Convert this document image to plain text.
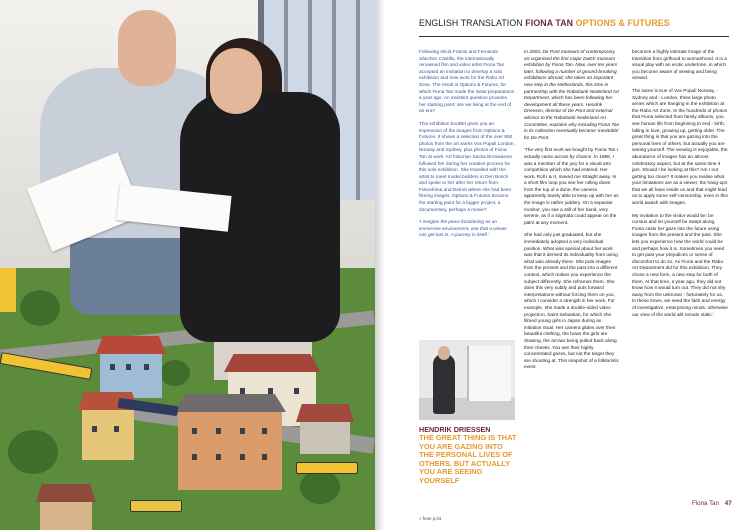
ENGLISH TRANSLATION FIONA TAN OPTIONS & FUTURES

Following Alicia Framis and Fernando Sánchez Castillo, the internationally renowned film and video artist Fiona Tan accepted an invitation to develop a solo exhibition and new work for the Rabo Art Zone. The result is Options & Futures, for which Fiona Tan made the initial preparations a year ago. An insistent question provides her starting point: are we living at the end of an era?

This exhibition booklet gives you an impression of the images from Options & Futures. It shows a selection of the over 900 photos from the art works Vox Populi London, Norway and Sydney, plus photos of Fiona Tan at work. Art historian Sacha Bronwasser followed her during her creative process for this solo exhibition. She travelled with the artist to meet model builders in Den Bosch and spoke to her after her return from Fukushima and Detroit where she had been filming images. Options & Futures became the starting point for a bigger project, a documentary, perhaps a movie?

'I imagine the piece functioning as an immersive environment, one that a viewer can get lost in. A journey in itself.'

In 2003, De Pont museum of contemporary art organised the first major Dutch museum exhibition by Fiona Tan. Now, over ten years later, following a number of ground-breaking exhibitions abroad, she takes an important new step in the Netherlands, this time in partnership with the Rabobank Nederland Art Department, which has been following her development all these years. Hendrik Driessen, director of De Pont and external advisor to the Rabobank Nederland Art Committee, explains why including Fiona Tan in its collection eventually became 'inevitable' for De Pont.

'The very first work we bought by Fiona Tan I actually came across by chance. In 1998, I was a member of the jury for a visual arts competition which she had entered. Her work, Roll I & II, moved me straight away. In a short film loop you see her rolling down from the top of a dune, the camera apparently barely able to keep up with her as the image is rather juddery. On a separate monitor, you see a still of her hand, very serene, as if a stigmata could appear on the palm at any moment.

She had only just graduated, but she immediately adopted a very individual position. What was special about her work was that it derived its individuality from using what was already there. She puts images from the present and the past into a different context, which makes you experience the subject differently. She reframes them. She does this very subtly and puts forward interpretations without forcing them on you, which I consider a strength in her work. For example, she made a double-sided video projection, Saint Sebastian, for which she filmed young girls in Japan during an initiation ritual. Her camera glides over their beautiful clothing, the bows the girls are drawing, the arrows being pulled back along their cheeks. You see their highly concentrated gazes, but not the target they are shooting at. This snapshot of a folkloristic event

becomes a highly intimate image of the transition from girlhood to womanhood. It is a visual play with an erotic undertone, in which you become aware of viewing and being viewed.

The same is true of Vox Populi Norway, - Sydney and - London, three large photo series which are hanging in the exhibition at the Rabo Art Zone. In the hundreds of photos that Fiona selected from family albums, you see human life from beginning to end - birth, falling in love, growing up, getting older. The great thing is that you are gazing into the personal lives of others, but actually you are seeing yourself. The viewing is enjoyable, the abundance of images has an almost celebratory aspect, but at the same time it jars. Should I be looking at this? Am I not getting too close? It makes you realise what your limitations are as a viewer, the hang-ups that we all have inside us and that might lead us to apply some self-censorship, even in this world awash with images.

My invitation to the visitor would be: be curious and let yourself be swept along. Fiona casts her gaze into the future using images from the present and the past. She lets you experience how the world could be and perhaps how it is. Sometimes you need to get past your prejudices or sense of discomfort to do so. As Fiona and the Rabo Art Department did for this exhibition. They chose a new form, a new step for both of them. At that time, a year ago, they did not know how it would turn out. They did not shy away from the unknown - fortunately for us. In these times, we need the faith and energy of investigative, enterprising minds, otherwise our view of the world will remain static.'

HENDRIK DRIESSEN
THE GREAT THING IS THAT YOU ARE GAZING INTO THE PERSONAL LIVES OF OTHERS, BUT ACTUALLY YOU ARE SEEING YOURSELF
» from p.04
Fiona Tan 47
